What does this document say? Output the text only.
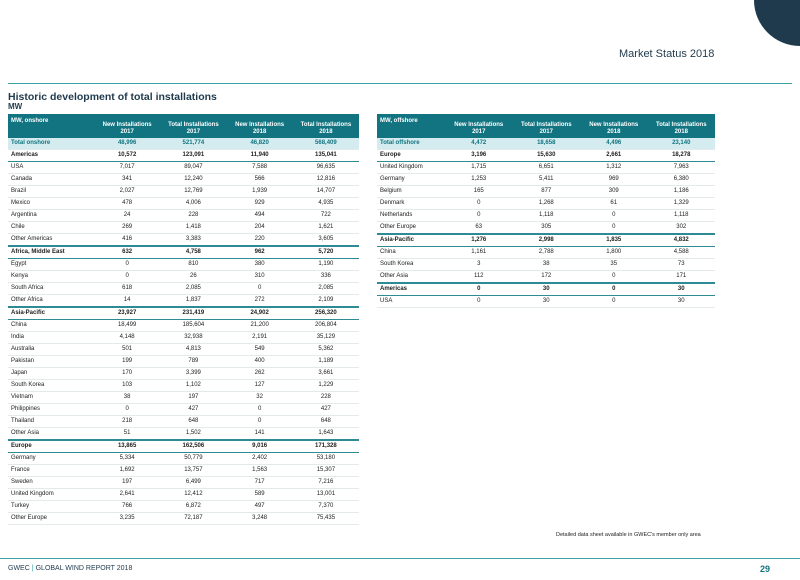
Market Status 2018
Historic development of total installations
MW
MW, onshore	New Installations 2017	Total Installations 2017	New Installations 2018	Total Installations 2018
Total onshore	48,996	521,774	46,820	568,409
Americas	10,572	123,091	11,940	135,041
USA	7,017	89,047	7,588	96,635
Canada	341	12,240	566	12,816
Brazil	2,027	12,769	1,939	14,707
Mexico	478	4,006	929	4,935
Argentina	24	228	494	722
Chile	269	1,418	204	1,621
Other Americas	416	3,383	220	3,605
Africa, Middle East	632	4,758	962	5,720
Egypt	0	810	380	1,190
Kenya	0	26	310	336
South Africa	618	2,085	0	2,085
Other Africa	14	1,837	272	2,109
Asia-Pacific	23,927	231,419	24,902	256,320
China	18,499	185,604	21,200	206,804
India	4,148	32,938	2,191	35,129
Australia	501	4,813	549	5,362
Pakistan	199	789	400	1,189
Japan	170	3,399	262	3,661
South Korea	103	1,102	127	1,229
Vietnam	38	197	32	228
Philippines	0	427	0	427
Thailand	218	648	0	648
Other Asia	51	1,502	141	1,643
Europe	13,865	162,506	9,016	171,328
Germany	5,334	50,779	2,402	53,180
France	1,692	13,757	1,563	15,307
Sweden	197	6,499	717	7,216
United Kingdom	2,641	12,412	589	13,001
Turkey	766	6,872	497	7,370
Other Europe	3,235	72,187	3,248	75,435
MW, offshore	New Installations 2017	Total Installations 2017	New Installations 2018	Total Installations 2018
Total offshore	4,472	18,658	4,496	23,140
Europe	3,196	15,630	2,661	18,278
United Kingdom	1,715	6,651	1,312	7,963
Germany	1,253	5,411	969	6,380
Belgium	165	877	309	1,186
Denmark	0	1,268	61	1,329
Netherlands	0	1,118	0	1,118
Other Europe	63	305	0	302
Asia-Pacific	1,276	2,998	1,835	4,832
China	1,161	2,788	1,800	4,588
South Korea	3	38	35	73
Other Asia	112	172	0	171
Americas	0	30	0	30
USA	0	30	0	30
Detailed data sheet available in GWEC's member only area
GWEC | GLOBAL WIND REPORT 2018	29
